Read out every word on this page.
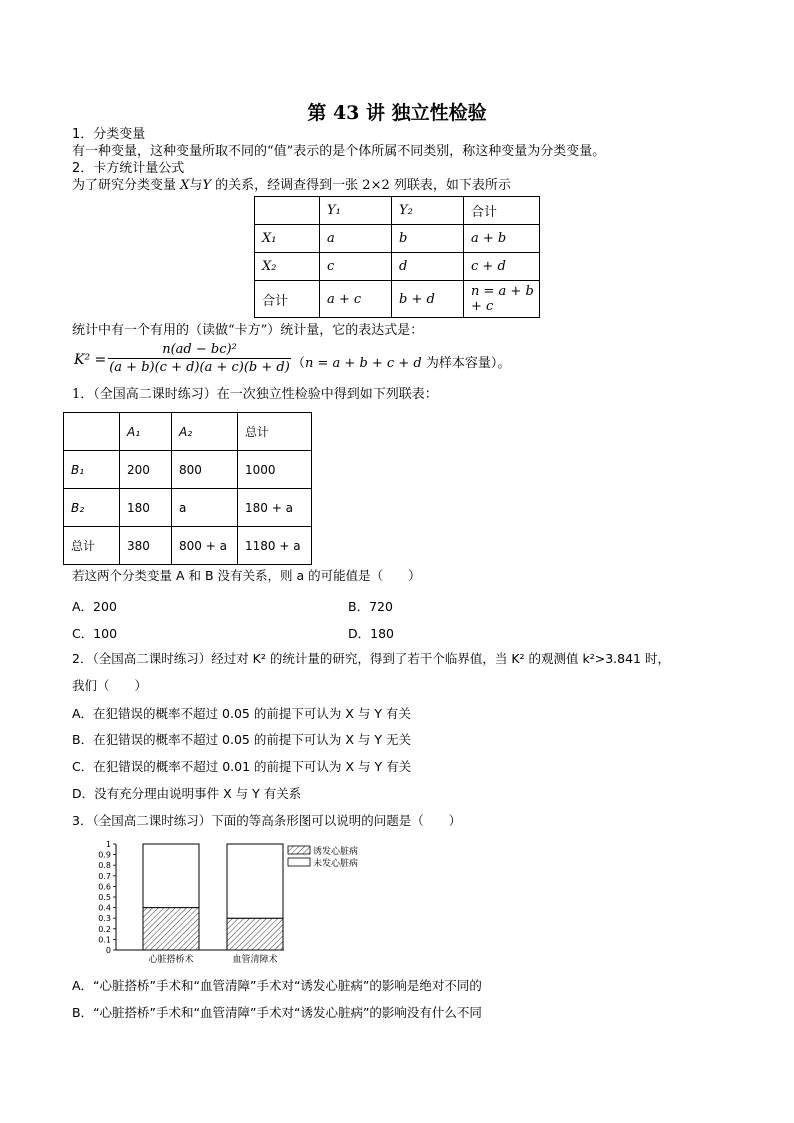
第 43 讲 独立性检验
1．分类变量
有一种变量，这种变量所取不同的“值”表示的是个体所属不同类别，称这种变量为分类变量。
2．卡方统计量公式
为了研究分类变量 X与Y 的关系，经调查得到一张 2×2 列联表，如下表所示
	Y₁	Y₂	合计
X₁	a	b	a + b
X₂	c	d	c + d
合计	a + c	b + d	n = a + b + c
统计中有一个有用的（读做“卡方”）统计量，它的表达式是：
K² =
n(ad − bc)²
(a + b)(c + d)(a + c)(b + d) （n = a + b + c + d 为样本容量）。
1．（全国高二课时练习）在一次独立性检验中得到如下列联表：
	A₁	A₂	总计
B₁	200	800	1000
B₂	180	a	180 + a
总计	380	800 + a	1180 + a
若这两个分类变量 A 和 B 没有关系，则 a 的可能值是（　　）
A．200	B．720
C．100	D．180
2．（全国高二课时练习）经过对 K² 的统计量的研究，得到了若干个临界值，当 K² 的观测值 k²>3.841 时，
我们（　　）
A．在犯错误的概率不超过 0.05 的前提下可认为 X 与 Y 有关
B．在犯错误的概率不超过 0.05 的前提下可认为 X 与 Y 无关
C．在犯错误的概率不超过 0.01 的前提下可认为 X 与 Y 有关
D．没有充分理由说明事件 X 与 Y 有关系
3．（全国高二课时练习）下面的等高条形图可以说明的问题是（　　）
0
0.1
0.2
0.3
0.4
0.5
0.6
0.7
0.8
0.9
1
心脏搭桥术	血管清障术
诱发心脏病
未发心脏病
A．“心脏搭桥”手术和“血管清障”手术对“诱发心脏病”的影响是绝对不同的
B．“心脏搭桥”手术和“血管清障”手术对“诱发心脏病”的影响没有什么不同
